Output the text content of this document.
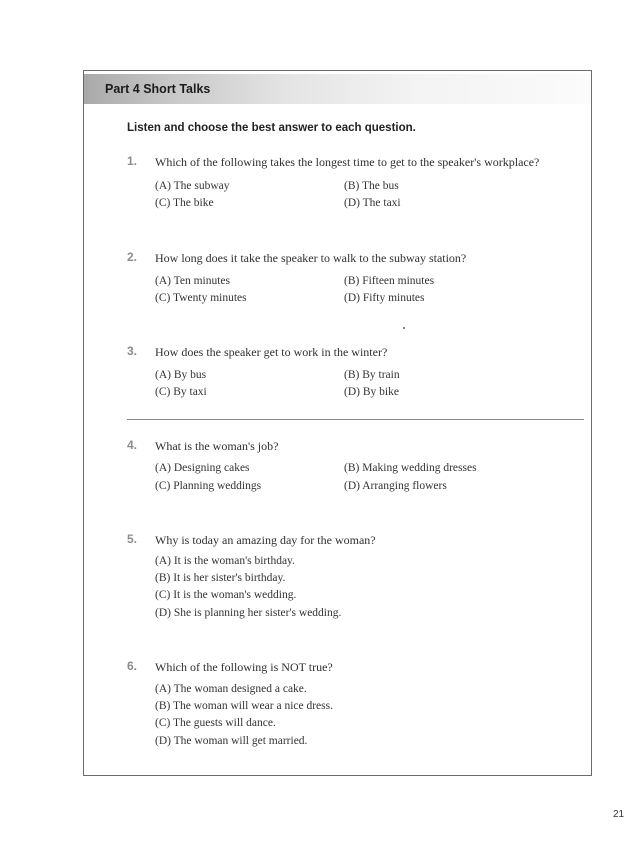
Part 4 Short Talks
Listen and choose the best answer to each question.
1. Which of the following takes the longest time to get to the speaker's workplace?
(A) The subway	(B) The bus
(C) The bike	(D) The taxi
2. How long does it take the speaker to walk to the subway station?
(A) Ten minutes	(B) Fifteen minutes
(C) Twenty minutes	(D) Fifty minutes
3. How does the speaker get to work in the winter?
(A) By bus	(B) By train
(C) By taxi	(D) By bike
4. What is the woman's job?
(A) Designing cakes	(B) Making wedding dresses
(C) Planning weddings	(D) Arranging flowers
5. Why is today an amazing day for the woman?
(A) It is the woman's birthday.
(B) It is her sister's birthday.
(C) It is the woman's wedding.
(D) She is planning her sister's wedding.
6. Which of the following is NOT true?
(A) The woman designed a cake.
(B) The woman will wear a nice dress.
(C) The guests will dance.
(D) The woman will get married.
21
